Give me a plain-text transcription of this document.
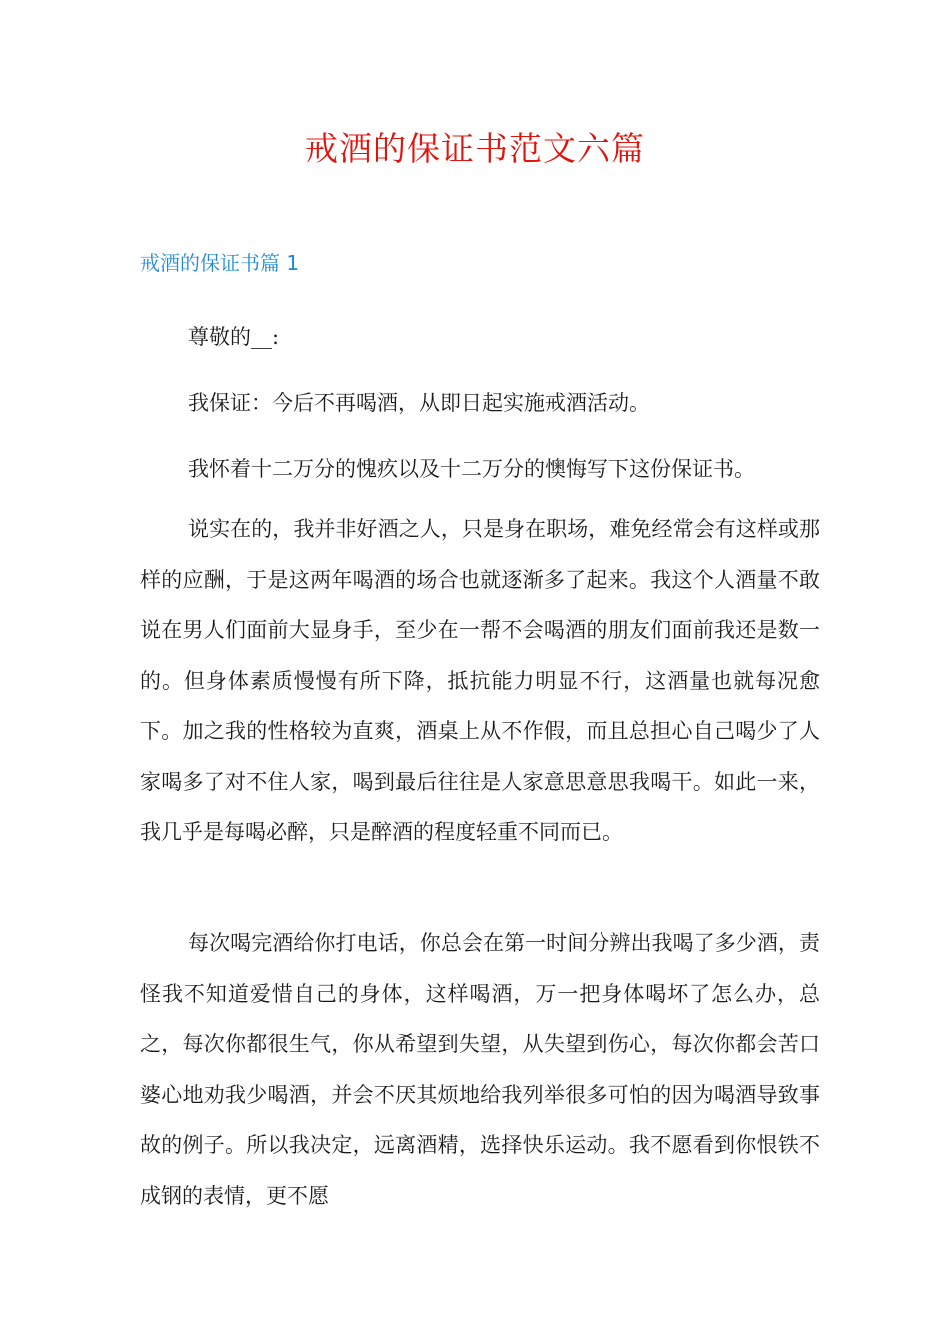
戒酒的保证书范文六篇
戒酒的保证书篇 1

尊敬的__:

我保证：今后不再喝酒，从即日起实施戒酒活动。

我怀着十二万分的愧疚以及十二万分的懊悔写下这份保证书。

说实在的，我并非好酒之人，只是身在职场，难免经常会有这样或那样的应酬，于是这两年喝酒的场合也就逐渐多了起来。我这个人酒量不敢说在男人们面前大显身手，至少在一帮不会喝酒的朋友们面前我还是数一的。但身体素质慢慢有所下降，抵抗能力明显不行，这酒量也就每况愈下。加之我的性格较为直爽，酒桌上从不作假，而且总担心自己喝少了人家喝多了对不住人家，喝到最后往往是人家意思意思我喝干。如此一来，我几乎是每喝必醉，只是醉酒的程度轻重不同而已。

每次喝完酒给你打电话，你总会在第一时间分辨出我喝了多少酒，责怪我不知道爱惜自己的身体，这样喝酒，万一把身体喝坏了怎么办，总之，每次你都很生气，你从希望到失望，从失望到伤心，每次你都会苦口婆心地劝我少喝酒，并会不厌其烦地给我列举很多可怕的因为喝酒导致事故的例子。所以我决定，远离酒精，选择快乐运动。我不愿看到你恨铁不成钢的表情，更不愿
